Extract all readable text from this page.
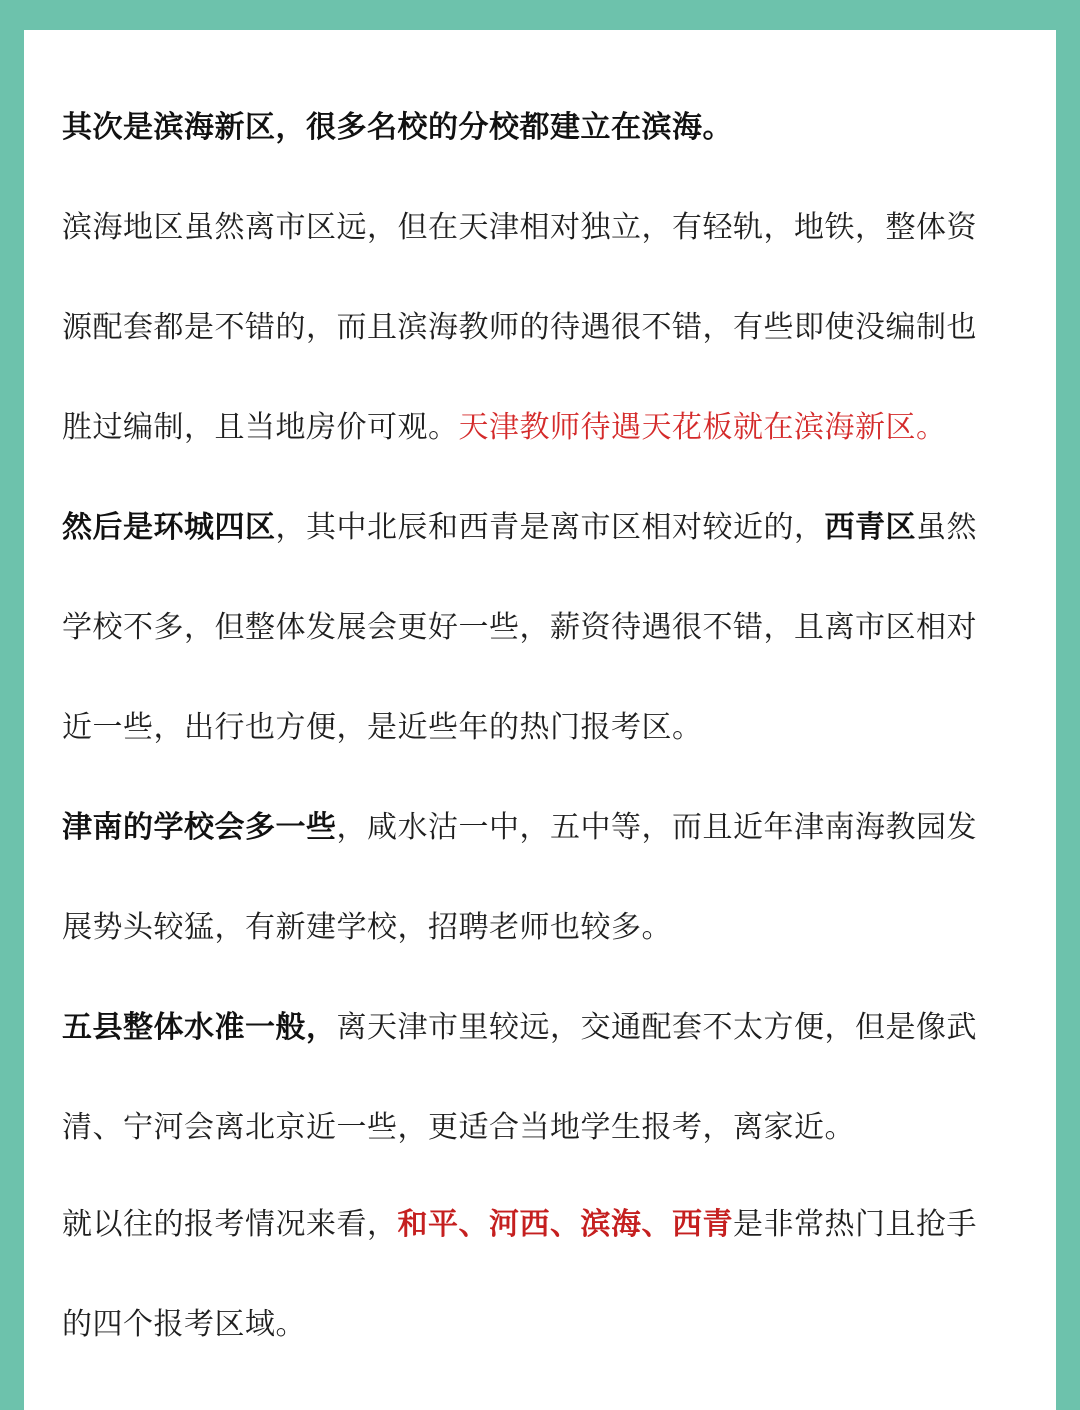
其次是滨海新区，很多名校的分校都建立在滨海。

滨海地区虽然离市区远，但在天津相对独立，有轻轨，地铁，整体资
源配套都是不错的，而且滨海教师的待遇很不错，有些即使没编制也
胜过编制，且当地房价可观。天津教师待遇天花板就在滨海新区。

然后是环城四区，其中北辰和西青是离市区相对较近的，西青区虽然
学校不多，但整体发展会更好一些，薪资待遇很不错，且离市区相对
近一些，出行也方便，是近些年的热门报考区。

津南的学校会多一些，咸水沽一中，五中等，而且近年津南海教园发
展势头较猛，有新建学校，招聘老师也较多。

五县整体水准一般，离天津市里较远，交通配套不太方便，但是像武
清、宁河会离北京近一些，更适合当地学生报考，离家近。

就以往的报考情况来看，和平、河西、滨海、西青是非常热门且抢手
的四个报考区域。
